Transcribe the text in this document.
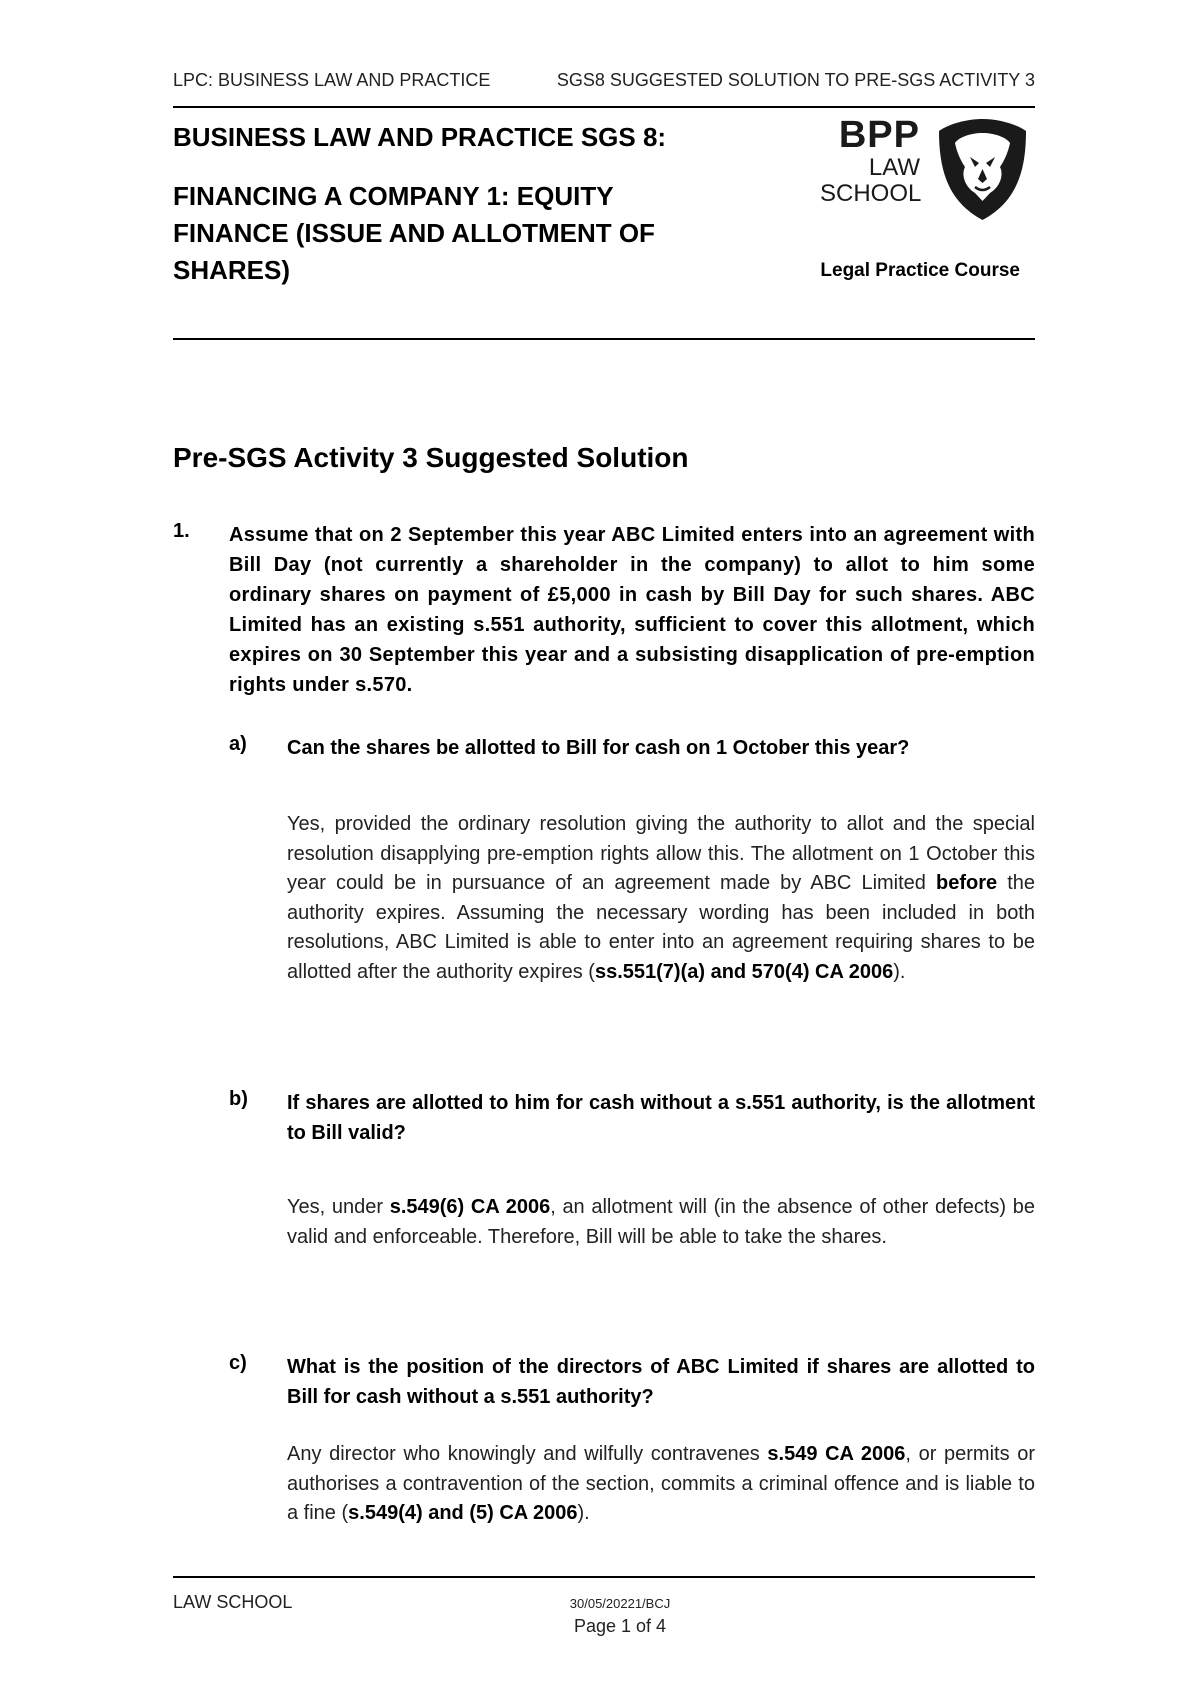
LPC: BUSINESS LAW AND PRACTICE	SGS8 SUGGESTED SOLUTION TO PRE-SGS ACTIVITY 3
BUSINESS LAW AND PRACTICE SGS 8:
FINANCING A COMPANY 1: EQUITY FINANCE (ISSUE AND ALLOTMENT OF SHARES)
BPP
LAW
SCHOOL
Legal Practice Course
Pre-SGS Activity 3 Suggested Solution
1. Assume that on 2 September this year ABC Limited enters into an agreement with Bill Day (not currently a shareholder in the company) to allot to him some ordinary shares on payment of £5,000 in cash by Bill Day for such shares. ABC Limited has an existing s.551 authority, sufficient to cover this allotment, which expires on 30 September this year and a subsisting disapplication of pre-emption rights under s.570.
a) Can the shares be allotted to Bill for cash on 1 October this year?
Yes, provided the ordinary resolution giving the authority to allot and the special resolution disapplying pre-emption rights allow this. The allotment on 1 October this year could be in pursuance of an agreement made by ABC Limited before the authority expires. Assuming the necessary wording has been included in both resolutions, ABC Limited is able to enter into an agreement requiring shares to be allotted after the authority expires (ss.551(7)(a) and 570(4) CA 2006).
b) If shares are allotted to him for cash without a s.551 authority, is the allotment to Bill valid?
Yes, under s.549(6) CA 2006, an allotment will (in the absence of other defects) be valid and enforceable. Therefore, Bill will be able to take the shares.
c) What is the position of the directors of ABC Limited if shares are allotted to Bill for cash without a s.551 authority?
Any director who knowingly and wilfully contravenes s.549 CA 2006, or permits or authorises a contravention of the section, commits a criminal offence and is liable to a fine (s.549(4) and (5) CA 2006).
LAW SCHOOL	30/05/20221/BCJ
Page 1 of 4
